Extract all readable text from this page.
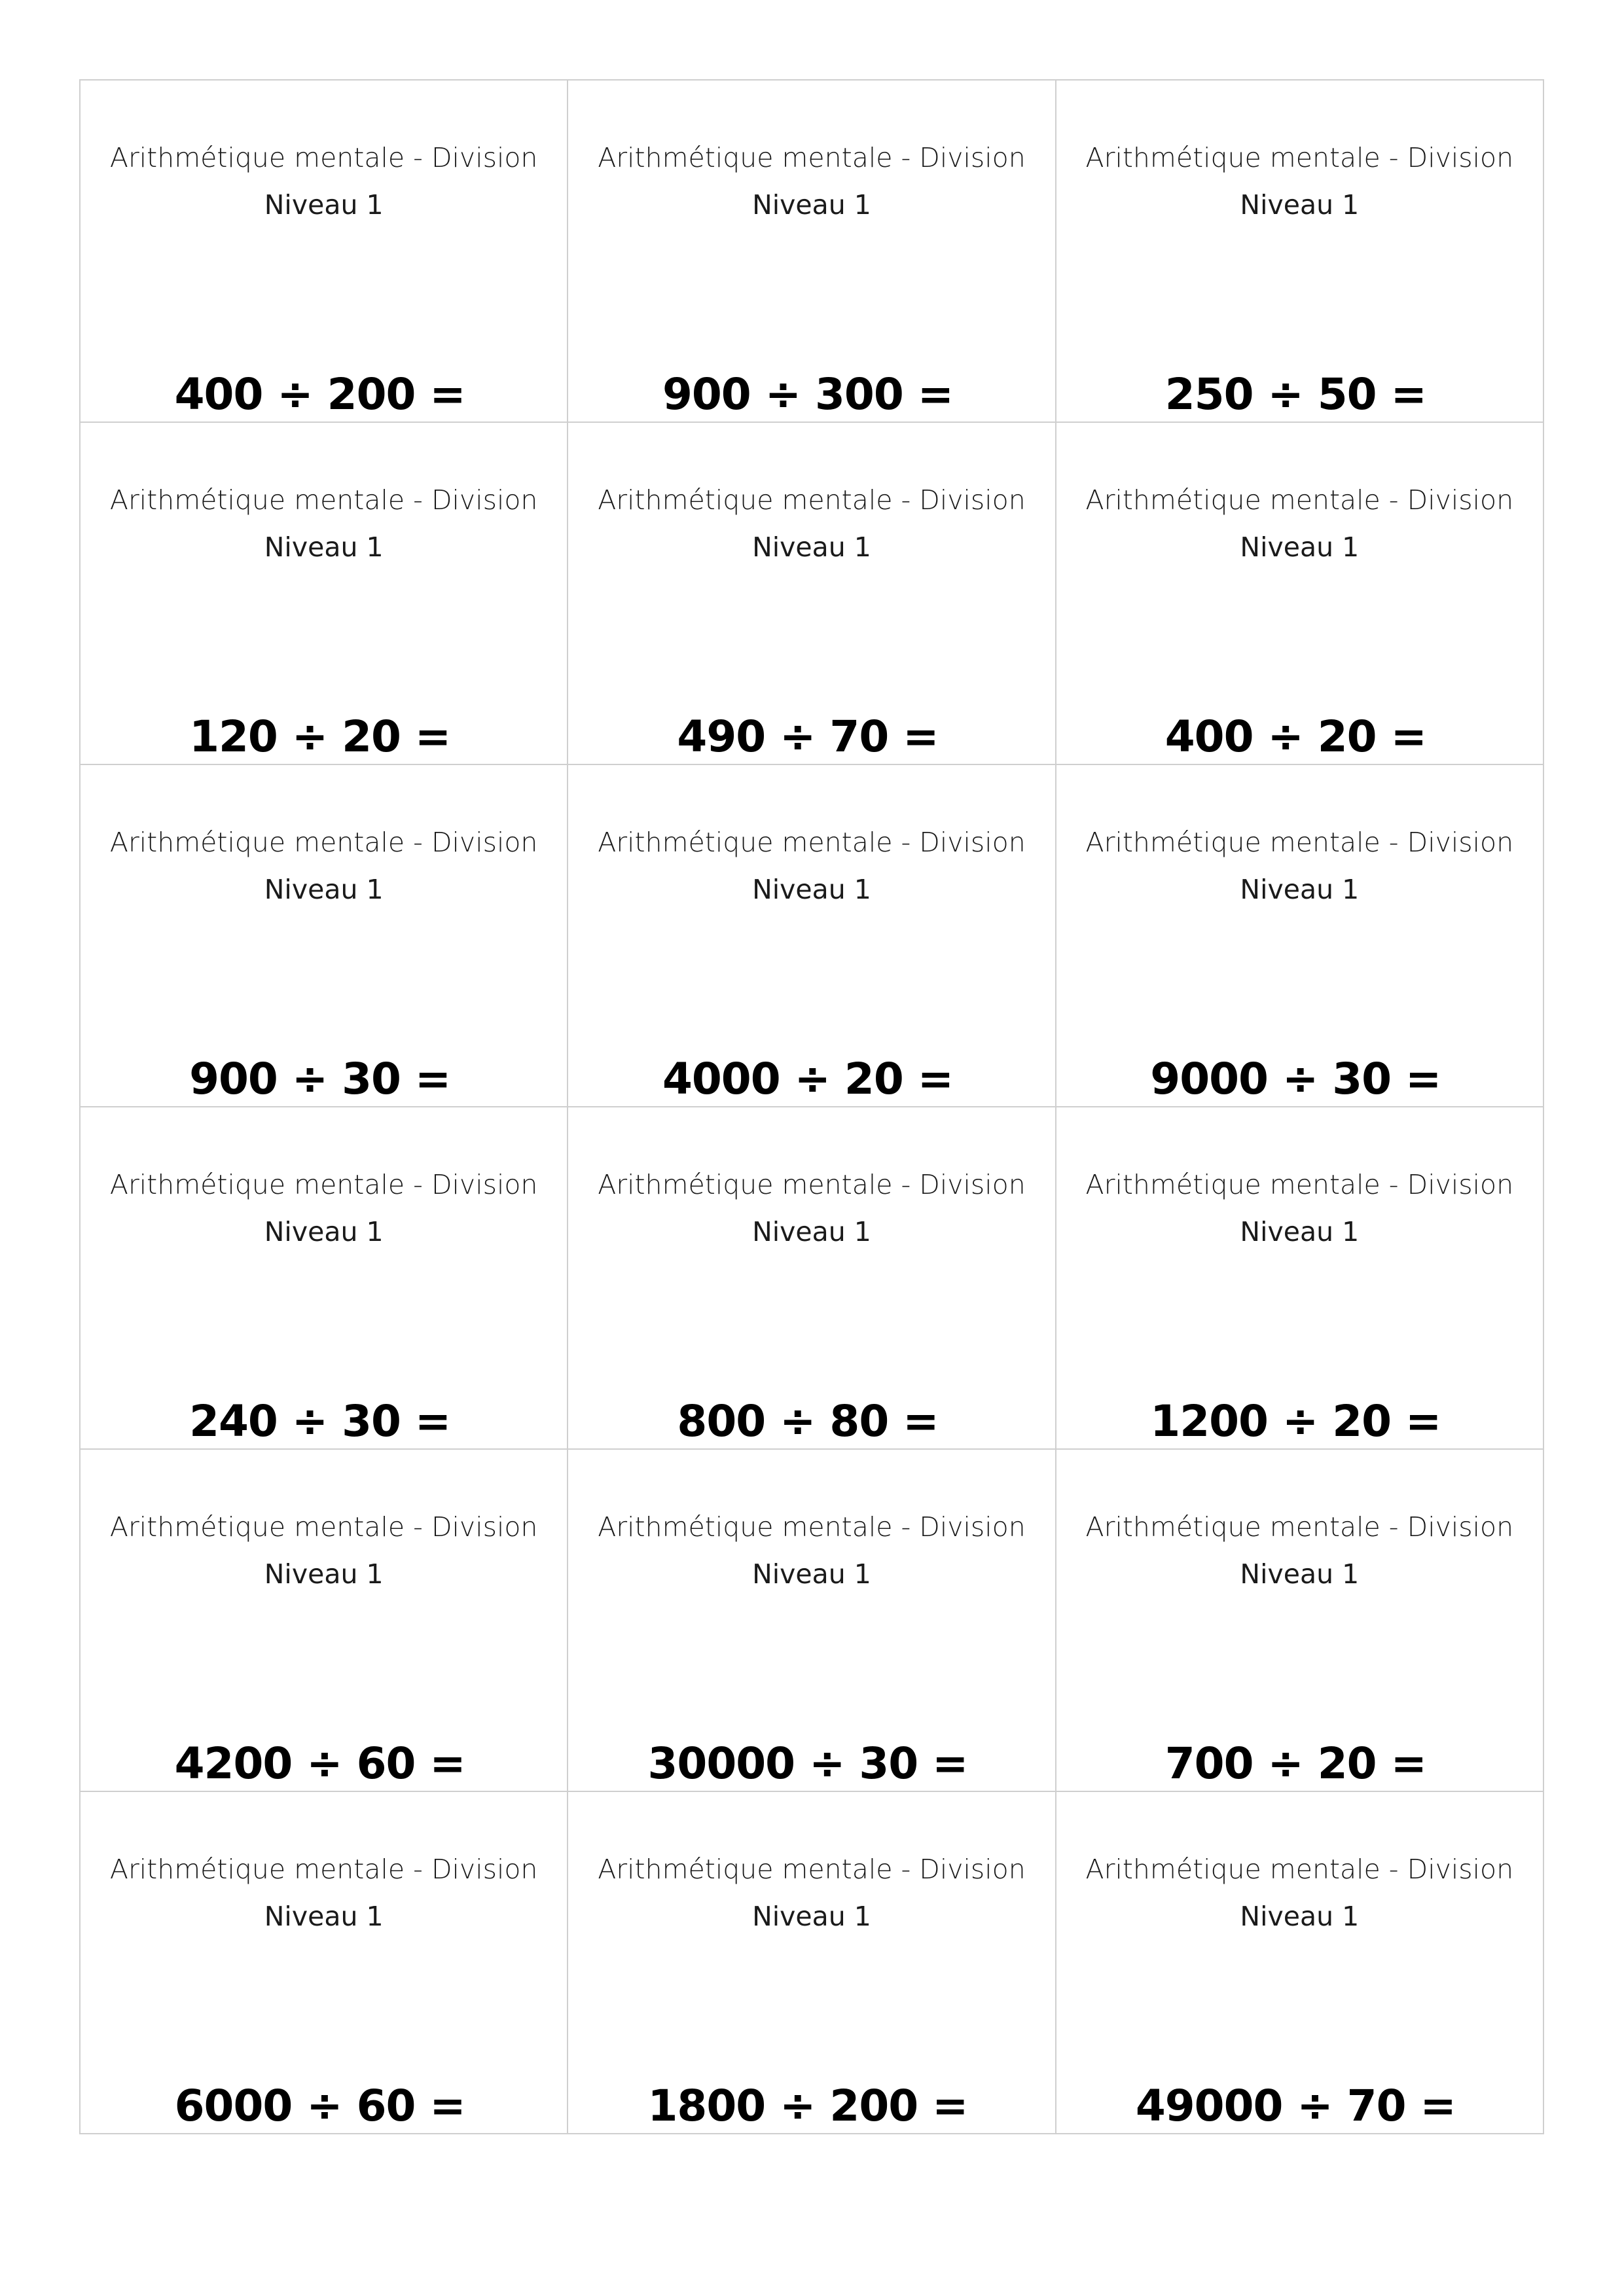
Arithmétique mentale - Division
Niveau 1
400 ÷ 200 =
Arithmétique mentale - Division
Niveau 1
900 ÷ 300 =
Arithmétique mentale - Division
Niveau 1
250 ÷ 50 =
Arithmétique mentale - Division
Niveau 1
120 ÷ 20 =
Arithmétique mentale - Division
Niveau 1
490 ÷ 70 =
Arithmétique mentale - Division
Niveau 1
400 ÷ 20 =
Arithmétique mentale - Division
Niveau 1
900 ÷ 30 =
Arithmétique mentale - Division
Niveau 1
4000 ÷ 20 =
Arithmétique mentale - Division
Niveau 1
9000 ÷ 30 =
Arithmétique mentale - Division
Niveau 1
240 ÷ 30 =
Arithmétique mentale - Division
Niveau 1
800 ÷ 80 =
Arithmétique mentale - Division
Niveau 1
1200 ÷ 20 =
Arithmétique mentale - Division
Niveau 1
4200 ÷ 60 =
Arithmétique mentale - Division
Niveau 1
30000 ÷ 30 =
Arithmétique mentale - Division
Niveau 1
700 ÷ 20 =
Arithmétique mentale - Division
Niveau 1
6000 ÷ 60 =
Arithmétique mentale - Division
Niveau 1
1800 ÷ 200 =
Arithmétique mentale - Division
Niveau 1
49000 ÷ 70 =
